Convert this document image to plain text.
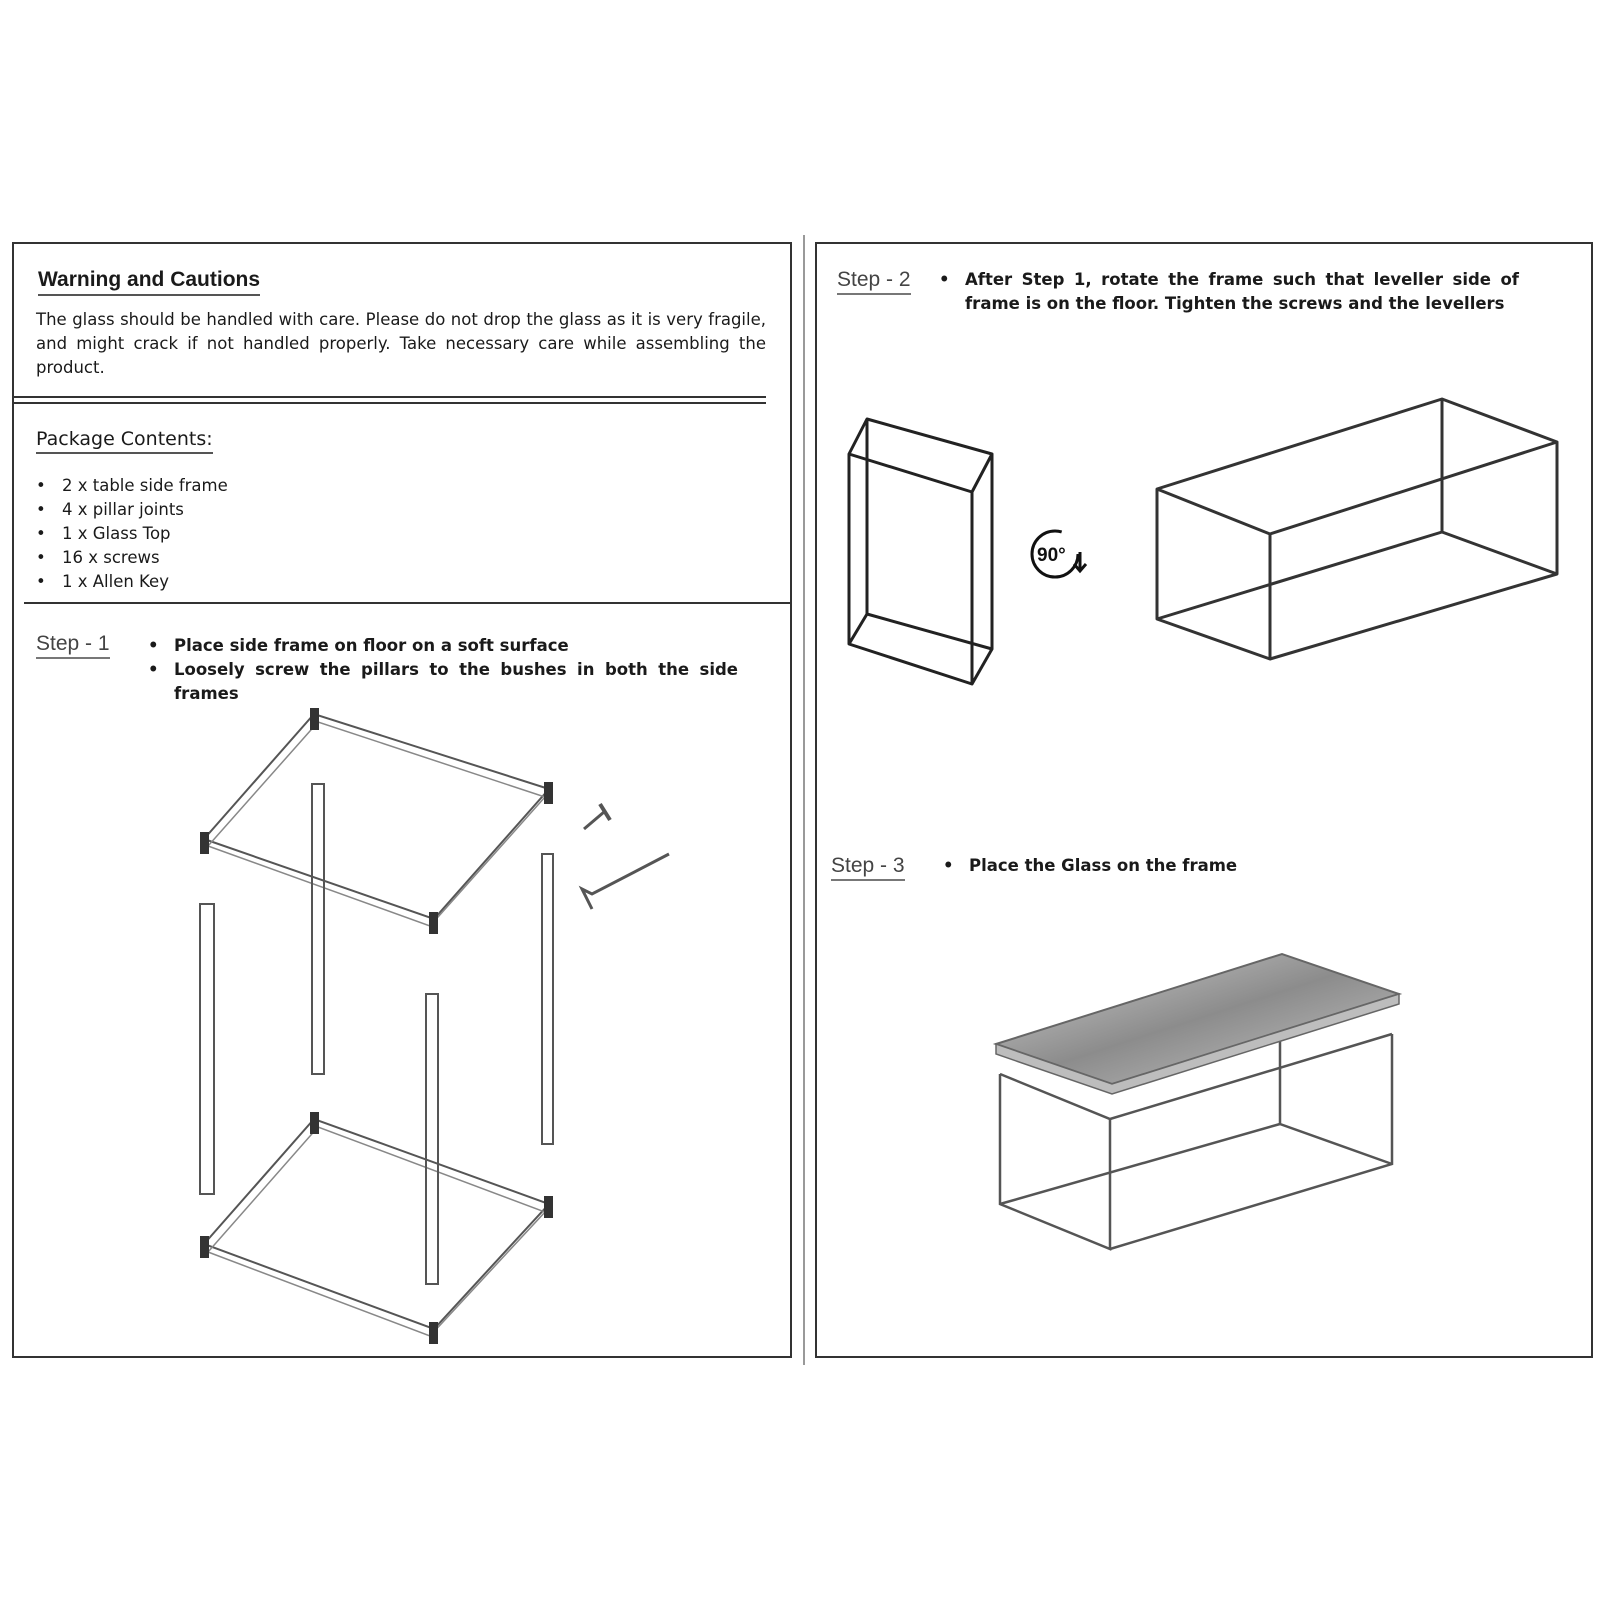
Warning and Cautions
The glass should be handled with care. Please do not drop the glass as it is very fragile, and might crack if not handled properly. Take necessary care while assembling the product.
Package Contents:
• 2 x table side frame
• 4 x pillar joints
• 1 x Glass Top
• 16 x screws
• 1 x Allen Key
Step - 1	• Place side frame on floor on a soft surface
• Loosely screw the pillars to the bushes in both the side frames
Step - 2	• After Step 1, rotate the frame such that leveller side of frame is on the floor. Tighten the screws and the levellers
90°
Step - 3	• Place the Glass on the frame
